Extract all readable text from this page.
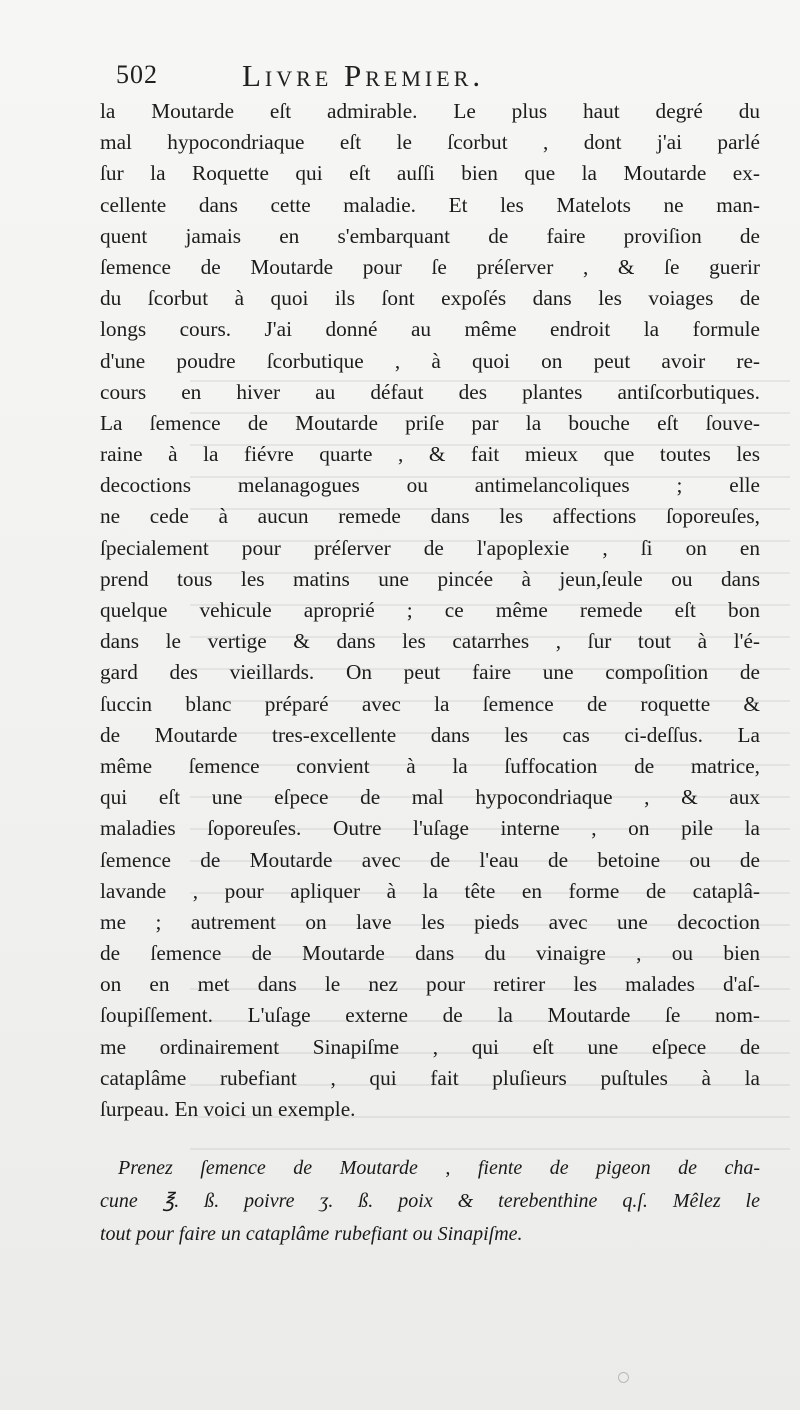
502	Livre Premier.
la Moutarde eſt admirable. Le plus haut degré du
mal hypocondriaque eſt le ſcorbut , dont j'ai parlé
ſur la Roquette qui eſt auſſi bien que la Moutarde ex-
cellente dans cette maladie. Et les Matelots ne man-
quent jamais en s'embarquant de faire proviſion de
ſemence de Moutarde pour ſe préſerver , & ſe guerir
du ſcorbut à quoi ils ſont expoſés dans les voiages de
longs cours. J'ai donné au même endroit la formule
d'une poudre ſcorbutique , à quoi on peut avoir re-
cours en hiver au défaut des plantes antiſcorbutiques.
La ſemence de Moutarde priſe par la bouche eſt ſouve-
raine à la fiévre quarte , & fait mieux que toutes les
decoctions melanagogues ou antimelancoliques ; elle
ne cede à aucun remede dans les affections ſoporeuſes,
ſpecialement pour préſerver de l'apoplexie , ſi on en
prend tous les matins une pincée à jeun,ſeule ou dans
quelque vehicule aproprié ; ce même remede eſt bon
dans le vertige & dans les catarrhes , ſur tout à l'é-
gard des vieillards. On peut faire une compoſition de
ſuccin blanc préparé avec la ſemence de roquette &
de Moutarde tres-excellente dans les cas ci-deſſus. La
même ſemence convient à la ſuffocation de matrice,
qui eſt une eſpece de mal hypocondriaque , & aux
maladies ſoporeuſes. Outre l'uſage interne , on pile la
ſemence de Moutarde avec de l'eau de betoine ou de
lavande , pour apliquer à la tête en forme de cataplâ-
me ; autrement on lave les pieds avec une decoction
de ſemence de Moutarde dans du vinaigre , ou bien
on en met dans le nez pour retirer les malades d'aſ-
ſoupiſſement. L'uſage externe de la Moutarde ſe nom-
me ordinairement Sinapiſme , qui eſt une eſpece de
cataplâme rubefiant , qui fait pluſieurs puſtules à la
ſurpeau. En voici un exemple.
Prenez ſemence de Moutarde , fiente de pigeon de cha-
cune ℥. ß. poivre ʒ. ß. poix & terebenthine q.ſ. Mêlez le
tout pour faire un cataplâme rubefiant ou Sinapiſme.
